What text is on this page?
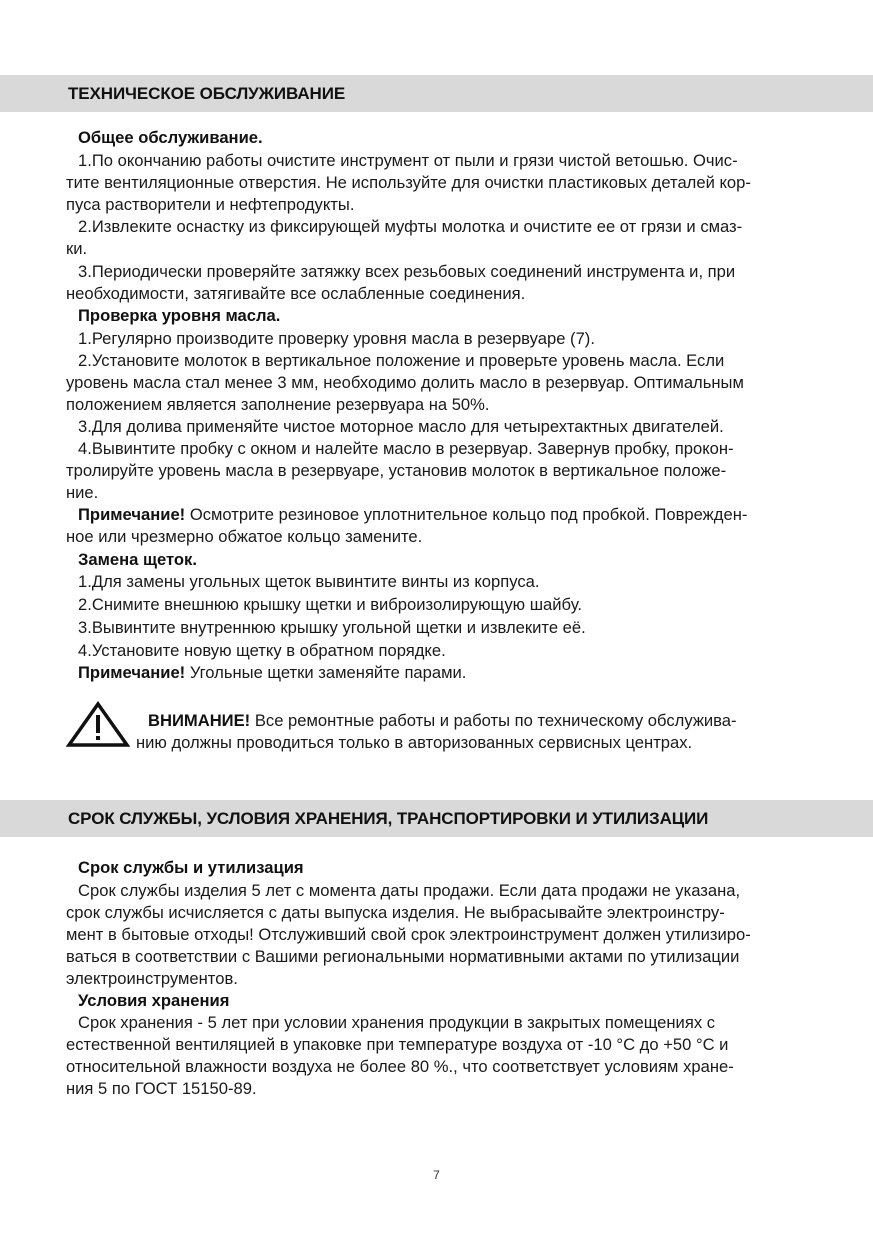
ТЕХНИЧЕСКОЕ ОБСЛУЖИВАНИЕ
Общее обслуживание.
1.По окончанию работы очистите инструмент от пыли и грязи чистой ветошью. Очис-
тите вентиляционные отверстия. Не используйте для очистки пластиковых деталей кор-
пуса растворители и нефтепродукты.
2.Извлеките оснастку из фиксирующей муфты молотка и очистите ее от грязи и смаз-
ки.
3.Периодически проверяйте затяжку всех резьбовых соединений инструмента и, при
необходимости, затягивайте все ослабленные соединения.
Проверка уровня масла.
1.Регулярно производите проверку уровня масла в резервуаре (7).
2.Установите молоток в вертикальное положение и проверьте уровень масла. Если
уровень масла стал менее 3 мм, необходимо долить масло в резервуар. Оптимальным
положением является заполнение резервуара на 50%.
3.Для долива применяйте чистое моторное масло для четырехтактных двигателей.
4.Вывинтите пробку с окном и налейте масло в резервуар. Завернув пробку, прокон-
тролируйте уровень масла в резервуаре, установив молоток в вертикальное положе-
ние.
Примечание! Осмотрите резиновое уплотнительное кольцо под пробкой. Поврежден-
ное или чрезмерно обжатое кольцо замените.
Замена щеток.
1.Для замены угольных щеток вывинтите винты из корпуса.
2.Снимите внешнюю крышку щетки и виброизолирующую шайбу.
3.Вывинтите внутреннюю крышку угольной щетки и извлеките её.
4.Установите новую щетку в обратном порядке.
Примечание! Угольные щетки заменяйте парами.
ВНИМАНИЕ! Все ремонтные работы и работы по техническому обслужива-
нию должны проводиться только в авторизованных сервисных центрах.
СРОК СЛУЖБЫ, УСЛОВИЯ ХРАНЕНИЯ, ТРАНСПОРТИРОВКИ И УТИЛИЗАЦИИ
Срок службы и утилизация
Срок службы изделия 5 лет с момента даты продажи. Если дата продажи не указана,
срок службы исчисляется с даты выпуска изделия. Не выбрасывайте электроинстру-
мент в бытовые отходы! Отслуживший свой срок электроинструмент должен утилизиро-
ваться в соответствии с Вашими региональными нормативными актами по утилизации
электроинструментов.
Условия хранения
Срок хранения - 5 лет при условии хранения продукции в закрытых помещениях с
естественной вентиляцией в упаковке при температуре воздуха от -10 °С до +50 °С и
относительной влажности воздуха не более 80 %., что соответствует условиям хране-
ния 5 по ГОСТ 15150-89.
7
